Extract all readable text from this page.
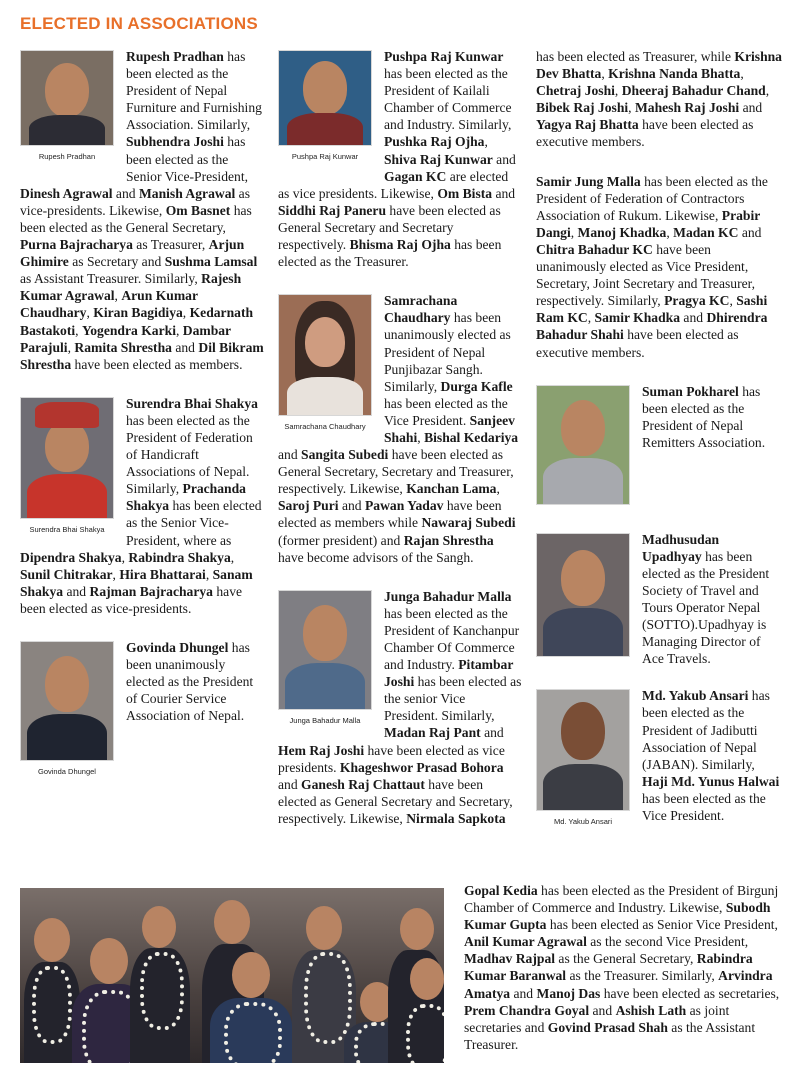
ELECTED IN ASSOCIATIONS
Rupesh Pradhan
Rupesh Pradhan has been elected as the President of Nepal Furniture and Furnishing Association. Similarly, Subhendra Joshi has been elected as the Senior Vice-President, Dinesh Agrawal and Manish Agrawal as vice-presidents. Likewise, Om Basnet has been elected as the General Secretary, Purna Bajracharya as Treasurer, Arjun Ghimire as Secretary and Sushma Lamsal as Assistant Treasurer. Similarly, Rajesh Kumar Agrawal, Arun Kumar Chaudhary, Kiran Bagidiya, Kedarnath Bastakoti, Yogendra Karki, Dambar Parajuli, Ramita Shrestha and Dil Bikram Shrestha have been elected as members.
Surendra Bhai Shakya
Surendra Bhai Shakya has been elected as the President of Federation of Handicraft Associations of Nepal. Similarly, Prachanda Shakya has been elected as the Senior Vice-President, where as Dipendra Shakya, Rabindra Shakya, Sunil Chitrakar, Hira Bhattarai, Sanam Shakya and Rajman Bajracharya have been elected as vice-presidents.
Govinda Dhungel
Govinda Dhungel has been unanimously elected as the President of Courier Service Association of Nepal.
Pushpa Raj Kunwar
Pushpa Raj Kunwar has been elected as the President of Kailali Chamber of Commerce and Industry. Similarly, Pushka Raj Ojha, Shiva Raj Kunwar and Gagan KC are elected as vice presidents. Likewise, Om Bista and Siddhi Raj Paneru have been elected as General Secretary and Secretary respectively. Bhisma Raj Ojha has been elected as the Treasurer.
Samrachana Chaudhary
Samrachana Chaudhary has been unanimously elected as President of Nepal Punjibazar Sangh. Similarly, Durga Kafle has been elected as the Vice President. Sanjeev Shahi, Bishal Kedariya and Sangita Subedi have been elected as General Secretary, Secretary and Treasurer, respectively. Likewise, Kanchan Lama, Saroj Puri and Pawan Yadav have been elected as members while Nawaraj Subedi (former president) and Rajan Shrestha have become advisors of the Sangh.
Junga Bahadur Malla
Junga Bahadur Malla has been elected as the President of Kanchanpur Chamber Of Commerce and Industry. Pitambar Joshi has been elected as the senior Vice President. Similarly, Madan Raj Pant and Hem Raj Joshi have been elected as vice presidents. Khageshwor Prasad Bohora and Ganesh Raj Chattaut have been elected as General Secretary and Secretary, respectively. Likewise, Nirmala Sapkota
has been elected as Treasurer, while Krishna Dev Bhatta, Krishna Nanda Bhatta, Chetraj Joshi, Dheeraj Bahadur Chand, Bibek Raj Joshi, Mahesh Raj Joshi and Yagya Raj Bhatta have been elected as executive members.
Samir Jung Malla has been elected as the President of Federation of Contractors Association of Rukum. Likewise, Prabir Dangi, Manoj Khadka, Madan KC and Chitra Bahadur KC have been unanimously elected as Vice President, Secretary, Joint Secretary and Treasurer, respectively. Similarly, Pragya KC, Sashi Ram KC, Samir Khadka and Dhirendra Bahadur Shahi have been elected as executive members.
Suman Pokharel has been elected as the President of Nepal Remitters Association.
Madhusudan Upadhyay has been elected as the President Society of Travel and Tours Operator Nepal (SOTTO).Upadhyay is Managing Director of Ace Travels.
Md. Yakub Ansari
Md. Yakub Ansari has been elected as the President of Jadibutti Association of Nepal (JABAN). Similarly, Haji Md. Yunus Halwai has been elected as the Vice President.
Gopal Kedia has been elected as the President of Birgunj Chamber of Commerce and Industry. Likewise, Subodh Kumar Gupta has been elected as Senior Vice President, Anil Kumar Agrawal as the second Vice President, Madhav Rajpal as the General Secretary, Rabindra Kumar Baranwal as the Treasurer. Similarly, Arvindra Amatya and Manoj Das have been elected as secretaries, Prem Chandra Goyal and Ashish Lath as joint secretaries and Govind Prasad Shah as the Assistant Treasurer.
